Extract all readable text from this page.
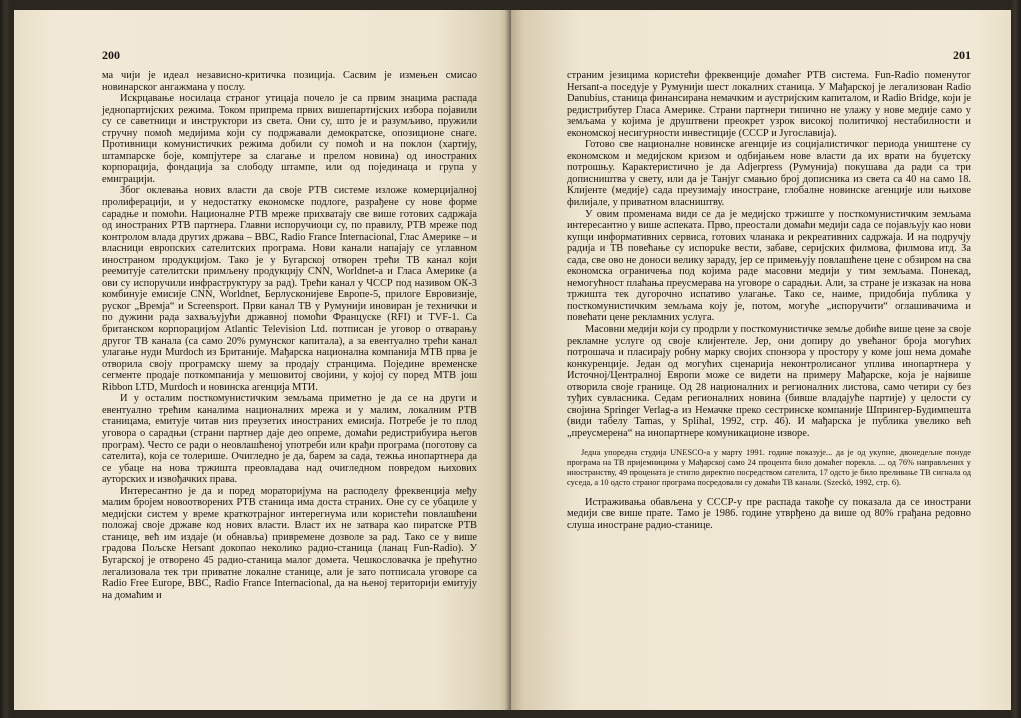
200

ма чији је идеал независно-критичка позиција. Сасвим је измењен смисао новинарског ангажмана у послу.

Искрцавање носилаца страног утицаја почело је са првим знацима распада једнопартијских режима. Током припрема првих вишепартијских избора појавили су се саветници и инструктори из света. Они су, што је и разумљиво, пружили стручну помоћ медијима који су подржавали демократске, опозиционе снаге. Противници комунистичких режима добили су помоћ и на поклон (хартију, штампарске боје, компјутере за слагање и прелом новина) од иностраних корпорација, фондација за слободу штампе, или од појединаца и група у емиграцији.

Због оклевања нових власти да своје РТВ системе изложе комерцијалној пролиферацији, и у недостатку економске подлоге, разрађене су нове форме сарадње и помоћи. Националне РТВ мреже прихватају све више готових садржаја од иностраних РТВ партнера. Главни испоручиоци су, по правилу, РТВ мреже под контролом влада других држава – BBC, Radio France Internacional, Глас Америке – и власници европских сателитских програма. Нови канали напајају се углавном иностраном продукцијом. Тако је у Бугарској отворен трећи ТВ канал који реемитује сателитски примљену продукцију CNN, Worldnet-a и Гласа Америке (а ови су испоручили инфраструктуру за рад). Трећи канал у ЧССР под називом ОК-3 комбинује емисије CNN, Worldnet, Берлусконијеве Европе-5, прилоге Евровизије, руског „Времја“ и Screensport. Први канал ТВ у Румунији иновиран је технички и по дужини рада захваљујући државној помоћи Француске (RFI) и TVF-1. Са британском корпорацијом Atlantic Television Ltd. потписан је уговор о отварању другог ТВ канала (са само 20% румунског капитала), а за евентуално трећи канал улагање нуди Murdoch из Британије. Мађарска национална компанија МТВ прва је отворила своју програмску шему за продају странцима. Поједине временске сегменте продаје поткомпанија у мешовитој својини, у којој су поред МТВ још Ribbon LTD, Murdoch и новинска агенција МТИ.

И у осталим посткомунистичким земљама приметно је да се на други и евентуално трећим каналима националних мрежа и у малим, локалним РТВ станицама, емитује читав низ преузетих иностраних емисија. Потребе је то плод уговора о сарадњи (страни партнер даје део опреме, домаћи редистрибуира његов програм). Често се ради о неовлашћеној употреби или крађи програма (поготову са сателита), која се толерише. Очигледно је да, барем за сада, тежња инопартнера да се убаце на нова тржишта преовладава над очигледном повредом њихових ауторских и извођачких права.

Интересантно је да и поред мораторијума на расподелу фреквенција међу малим бројем новоотворених РТВ станица има доста страних. Оне су се убациле у медијски систем у врeме краткотрајног интерегнума или користећи повлашћени положај своје државе код нових власти. Власт их не затвара као пиратске РТВ станице, већ им издаје (и обнавља) привремене дозволе за рад. Тако се у више градова Пољске Hersant докопао неколико радио-станица (ланац Fun-Radio). У Бугарској је отворено 45 радио-станица малог домета. Чешкословачка је прећутно легализовала тек три приватне локалне станице, али је зато потписала уговоре са Radio Free Europe, BBC, Radio France Internacional, да на њеној територији емитују на домаћим и

201

страним језицима користећи фреквенције домаћег РТВ система. Fun-Radio поменутог Hersant-a поседује у Румунији шест локалних станица. У Мађарској је легализован Radio Danubius, станица финансирана немачким и аустријским капиталом, и Radio Bridge, који је редистрибутер Гласа Америке. Страни партнери типично не улажу у нове медије само у земљама у којима је друштвени преокрет узрок високој политичкој нестабилности и економској несигурности инвестиције (СССР и Југославија).

Готово све националне новинске агенције из социјалистичког периода уништене су економском и медијском кризом и одбијањем нове власти да их врати на буџетску потрошњу. Карактеристично је да Adjerpress (Румунија) покушава да ради са три дописништва у свету, или да је Танјуг смањио број дописника из света са 40 на само 18. Клијенте (медије) сада преузимају иностране, глобалне новинске агенције или њихове филијале, у приватном власништву.

У овим променама види се да је медијско тржиште у посткомунистичким земљама интересантно у више аспеката. Прво, преостали домаћи медији сада се појављују као нови купци информативних сервиса, готових чланака и рекреативних садржаја. И на подручју радија и ТВ повећање су испорuke вести, забаве, серијских филмова, филмова итд. За сада, све ово не доноси велику зараду, јер се примењују повлашћене цене с обзиром на сва економска ограничења под којима раде масовни медији у тим земљама. Понекад, немогућност плаћања преусмерава на уговоре о сарадњи. Али, за стране је изказак на нова тржишта тек дугорочно испативо улагање. Тако се, наиме, придобија публика у посткомунистичким земљама коју је, потом, могуће „испоручити“ оглашивачима и повећати цене рекламних услуга.

Масовни медији који су продрли у посткомунистичке земље добиће више цене за своје рекламне услуге од своје клијентеле. Јер, они допиру до увећаног броја могућих потрошача и пласирају робну марку својих спонзора у простору у коме још нема домаће конкуренције. Један од могућих сценарија неконтролисаног уплива инопартнера у Источној/Централној Европи може се видети на примеру Мађарске, која је највише отворила своје границе. Од 28 националних и регионалних листова, само четири су без туђих сувласника. Седам регионалних новина (бивше владајуће партије) у целости су својина Springer Verlag-a из Немачке преко сестринске компаније Шпрингер-Будимпешта (види табелу Tamas, у Splihal, 1992, стр. 46). И мађарска је публика увелико већ „преусмерена“ на инопартнере комуникационе изворе.

Једна упоредна студија UNESCO-a у марту 1991. године показује... да је од укупне, двонедељне понуде програма на ТВ пријемницима у Мађарској само 24 процента било домаћег порекла. ... од 76% направљених у иностранству, 49 процената је стигло директно посредством сателита, 17 одсто је било преливање ТВ сигнала од суседа, а 10 одсто страног програма посредовали су домаћи ТВ канали. (Szeckö, 1992, стр. 6).

Истраживања обављена у СССР-у пре распада такође су показала да се инострани медији све више прате. Тамо је 1986. године утврђено да више од 80% грађана редовно слуша иностране радио-станице.
